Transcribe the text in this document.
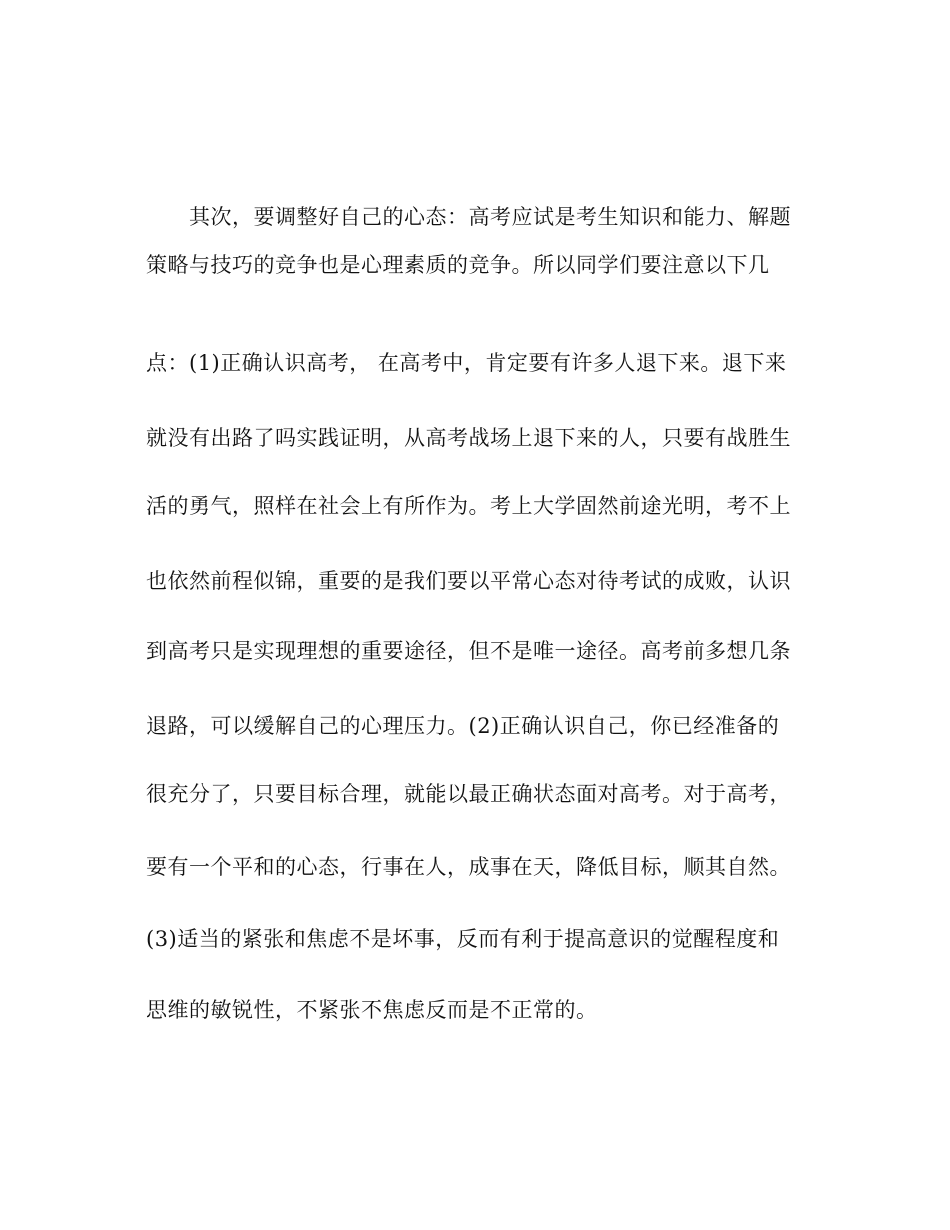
其次，要调整好自己的心态：高考应试是考生知识和能力、解题
策略与技巧的竞争也是心理素质的竞争。所以同学们要注意以下几
点：(1)正确认识高考， 在高考中，肯定要有许多人退下来。退下来
就没有出路了吗实践证明，从高考战场上退下来的人，只要有战胜生
活的勇气，照样在社会上有所作为。考上大学固然前途光明，考不上
也依然前程似锦，重要的是我们要以平常心态对待考试的成败，认识
到高考只是实现理想的重要途径，但不是唯一途径。高考前多想几条
退路，可以缓解自己的心理压力。(2)正确认识自己，你已经准备的
很充分了，只要目标合理，就能以最正确状态面对高考。对于高考，
要有一个平和的心态，行事在人，成事在天，降低目标，顺其自然。
(3)适当的紧张和焦虑不是坏事，反而有利于提高意识的觉醒程度和
思维的敏锐性，不紧张不焦虑反而是不正常的。
